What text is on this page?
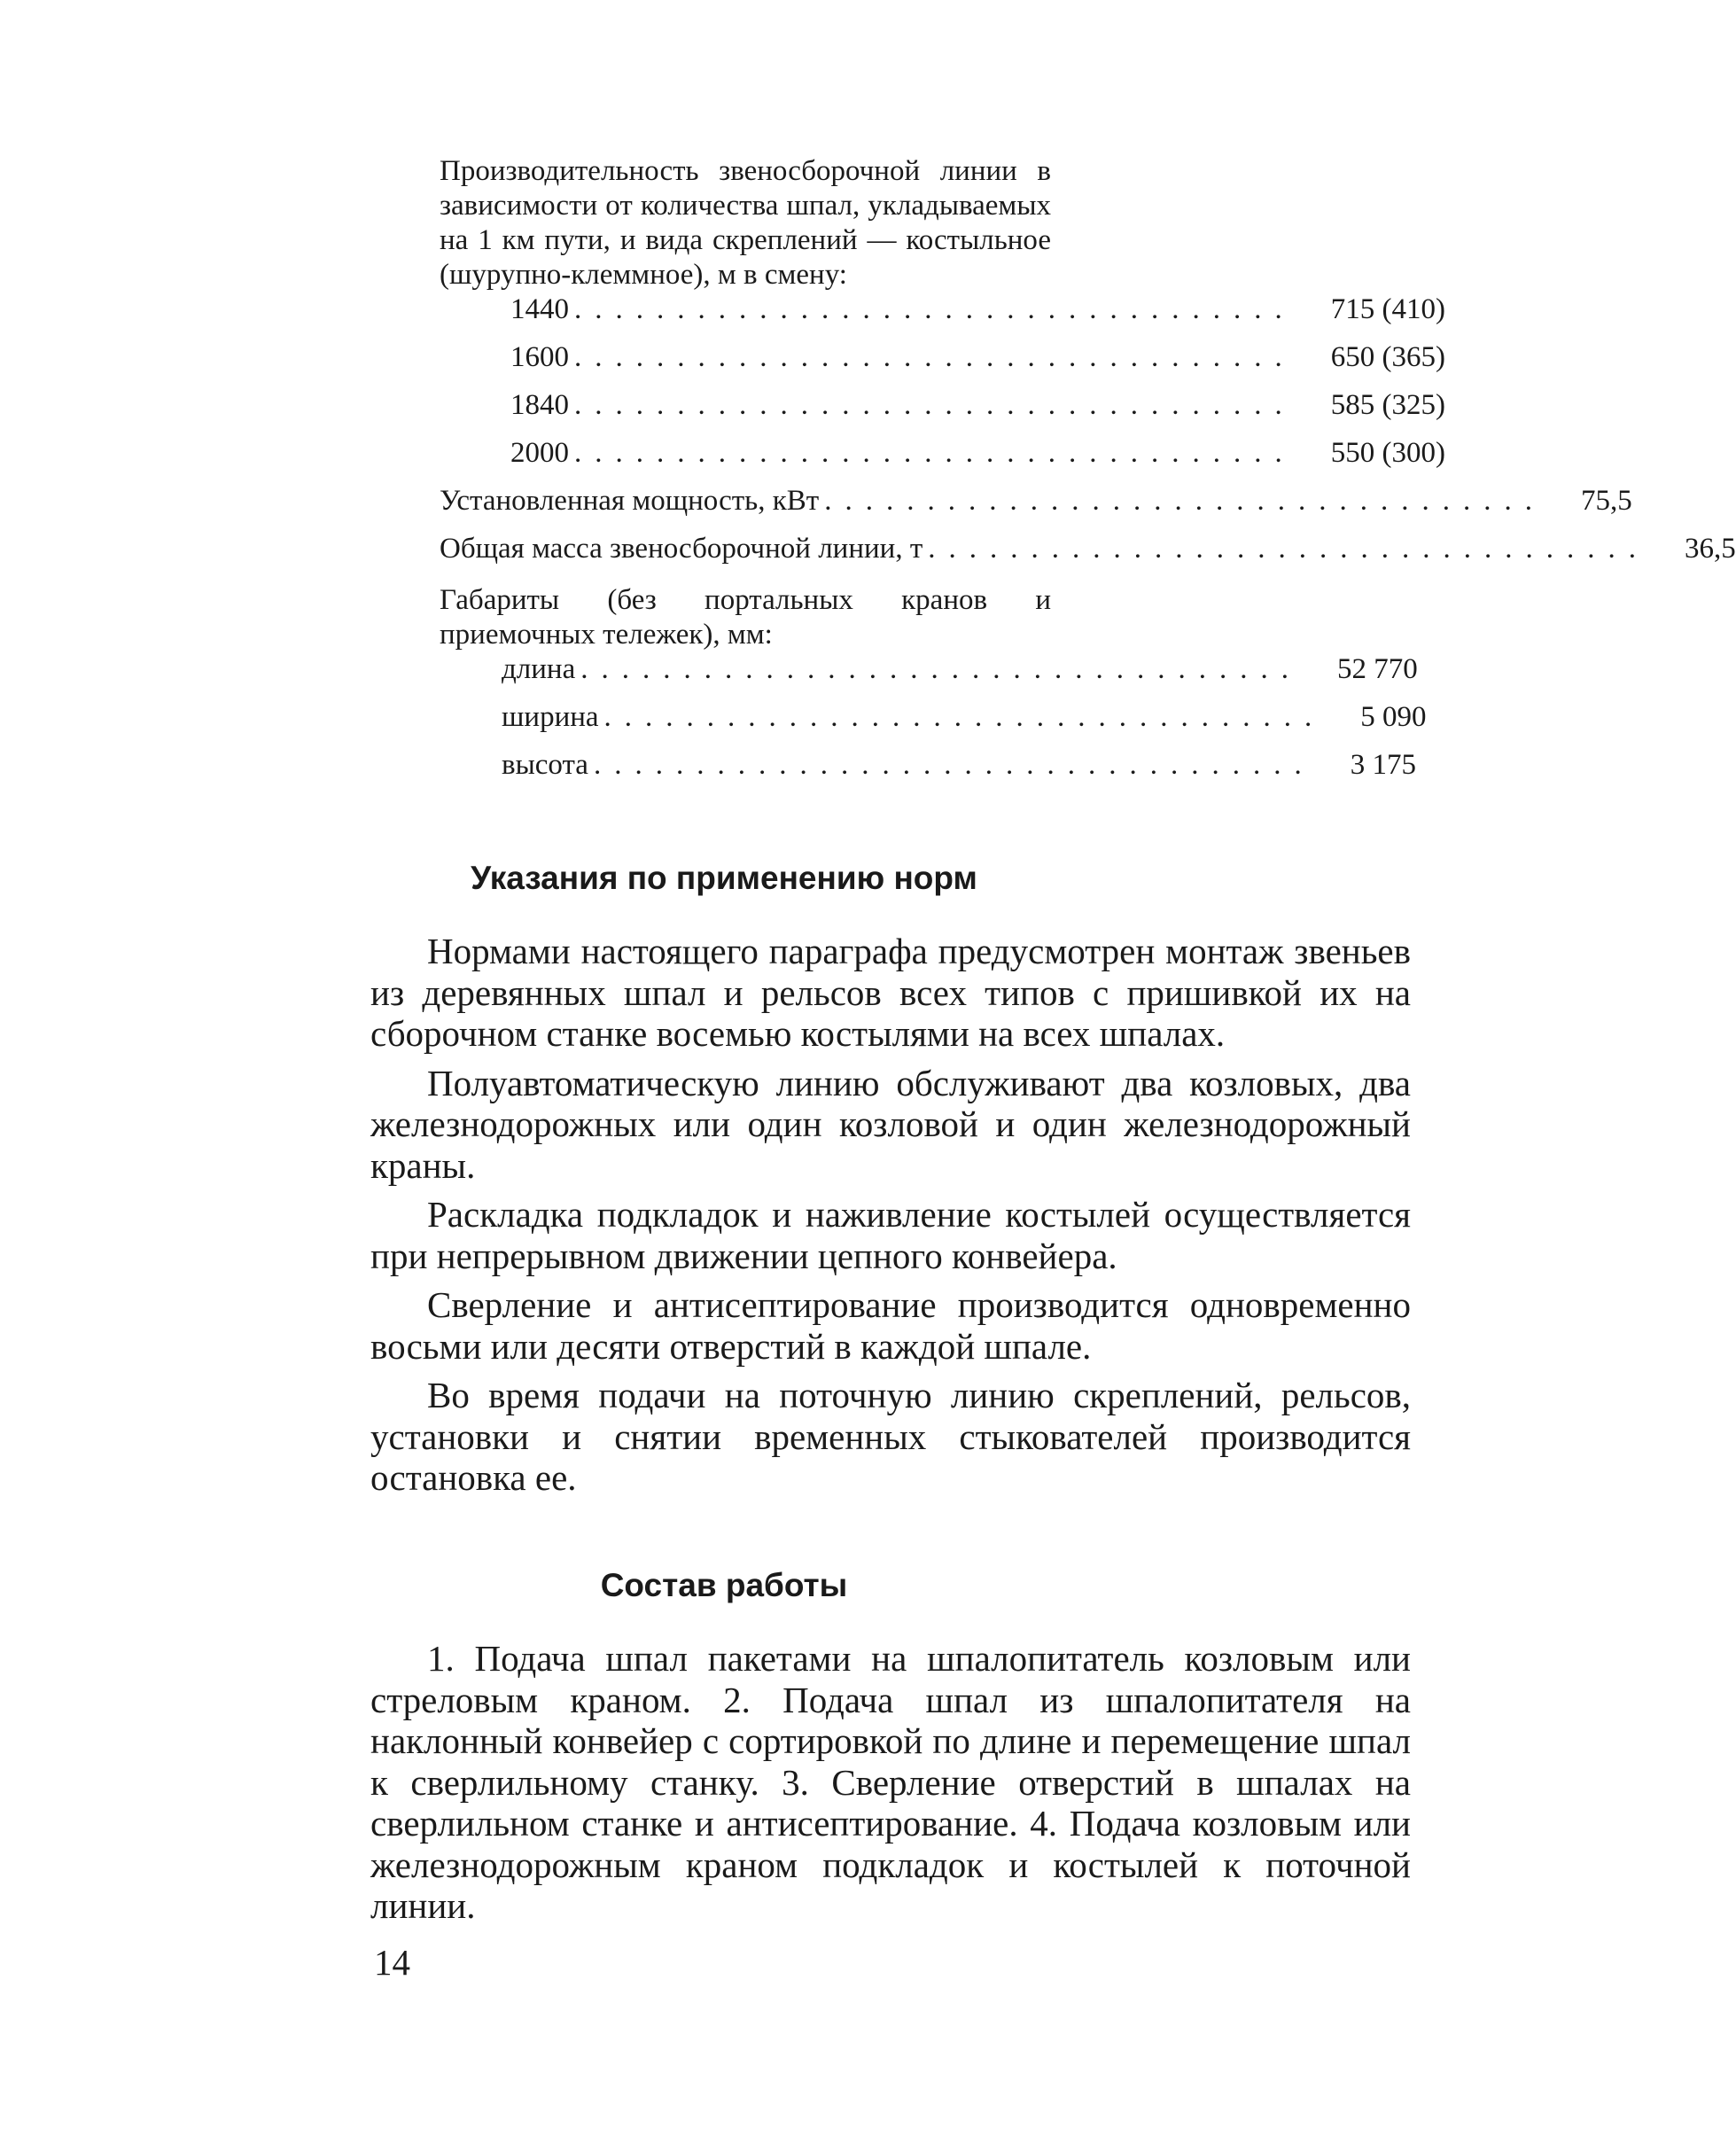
Производительность звеносборочной линии в зависимости от количества шпал, укладываемых на 1 км пути, и вида скреплений — костыльное (шурупно-клеммное), м в смену:

1440 ................................... 715 (410)
1600 ................................... 650 (365)
1840 ................................... 585 (325)
2000 ................................... 550 (300)
Установленная мощность, кВт ................................... 75,5
Общая масса звеносборочной линии, т ................................... 36,5

Габариты (без портальных кранов и приемочных тележек), мм:

длина ................................... 52 770
ширина ................................... 5 090
высота ................................... 3 175
Указания по применению норм

Нормами настоящего параграфа предусмотрен монтаж звеньев из деревянных шпал и рельсов всех типов с пришивкой их на сборочном станке восемью костылями на всех шпалах.

Полуавтоматическую линию обслуживают два козловых, два железнодорожных или один козловой и один железнодорожный краны.

Раскладка подкладок и наживление костылей осуществляется при непрерывном движении цепного конвейера.

Сверление и антисептирование производится одновременно восьми или десяти отверстий в каждой шпале.

Во время подачи на поточную линию скреплений, рельсов, установки и снятии временных стыкователей производится остановка ее.

Состав работы

1. Подача шпал пакетами на шпалопитатель козловым или стреловым краном. 2. Подача шпал из шпалопитателя на наклонный конвейер с сортировкой по длине и перемещение шпал к сверлильному станку. 3. Сверление отверстий в шпалах на сверлильном станке и антисептирование. 4. Подача козловым или железнодорожным краном подкладок и костылей к поточной линии.

14
